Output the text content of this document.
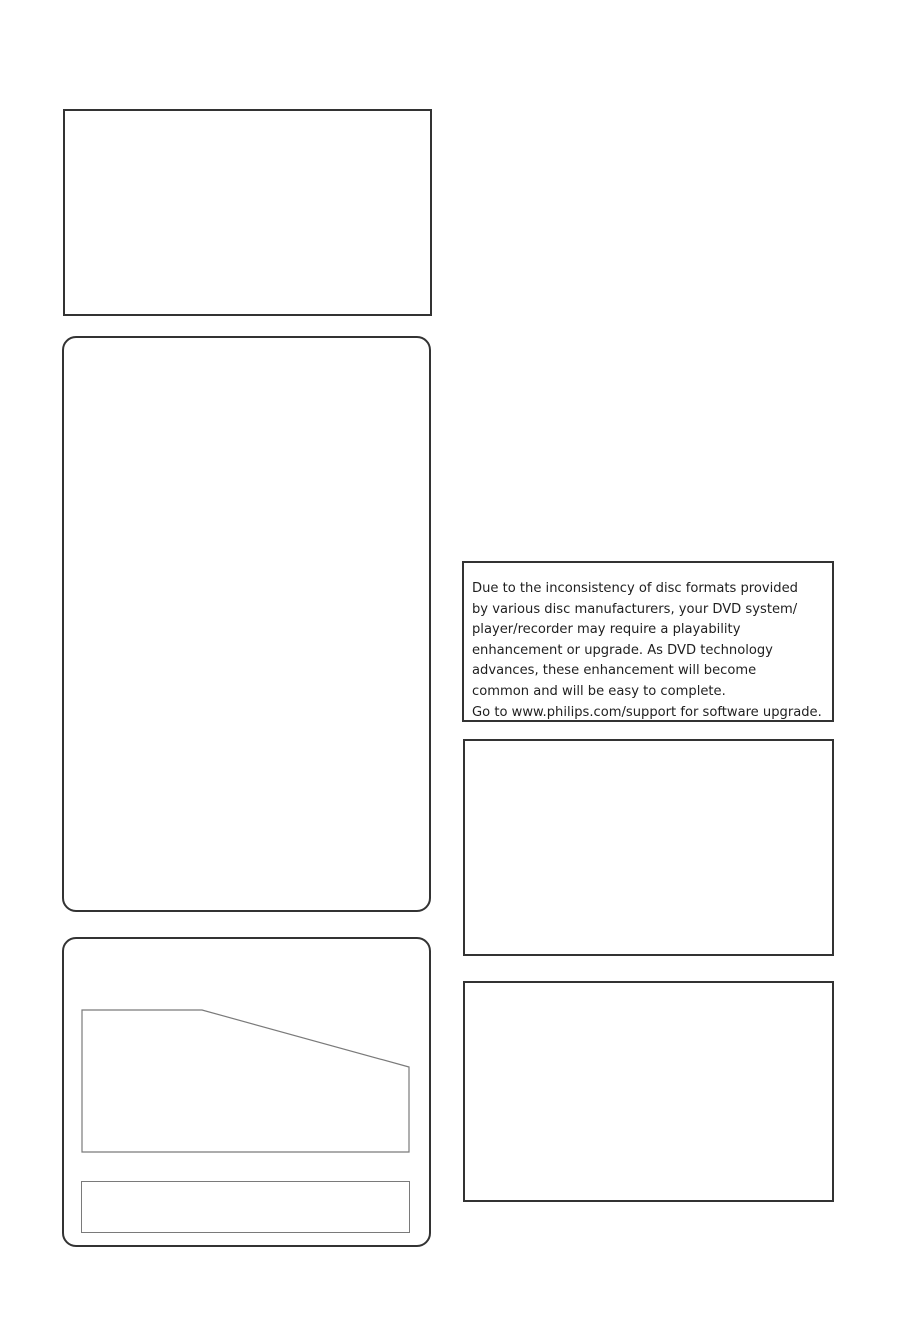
Due to the inconsistency of disc formats provided
by various disc manufacturers, your DVD system/
player/recorder may require a playability
enhancement or upgrade. As DVD technology
advances, these enhancement will become
common and will be easy to complete.
Go to www.philips.com/support for software upgrade.
